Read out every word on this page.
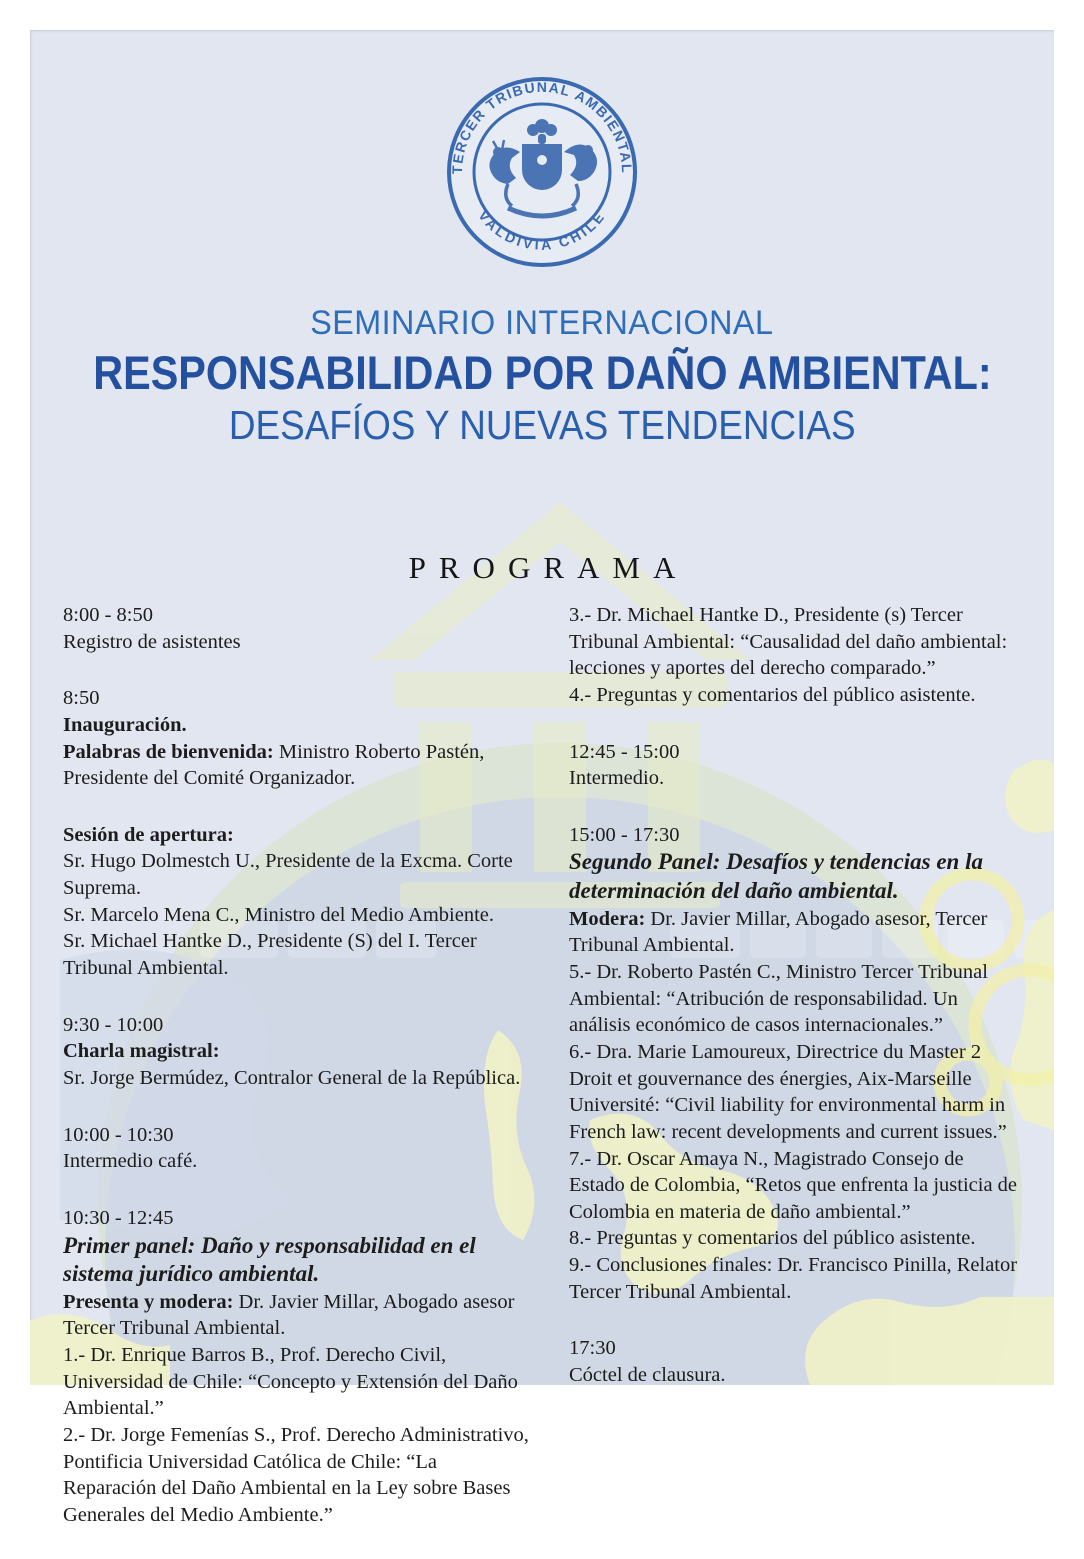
TERCER TRIBUNAL AMBIENTAL
VALDIVIA CHILE
SEMINARIO INTERNACIONAL
RESPONSABILIDAD POR DAÑO AMBIENTAL:
DESAFÍOS Y NUEVAS TENDENCIAS
PROGRAMA

8:00 - 8:50
Registro de asistentes

8:50
Inauguración.
Palabras de bienvenida: Ministro Roberto Pastén, Presidente del Comité Organizador.

Sesión de apertura:
Sr. Hugo Dolmestch U., Presidente de la Excma. Corte Suprema.
Sr. Marcelo Mena C., Ministro del Medio Ambiente.
Sr. Michael Hantke D., Presidente (S) del I. Tercer Tribunal Ambiental.

9:30 - 10:00
Charla magistral:
Sr. Jorge Bermúdez, Contralor General de la República.

10:00 - 10:30
Intermedio café.

10:30 - 12:45
Primer panel: Daño y responsabilidad en el sistema jurídico ambiental.
Presenta y modera: Dr. Javier Millar, Abogado asesor Tercer Tribunal Ambiental.
1.- Dr. Enrique Barros B., Prof. Derecho Civil, Universidad de Chile: “Concepto y Extensión del Daño Ambiental.”
2.- Dr. Jorge Femenías S., Prof. Derecho Administrativo, Pontificia Universidad Católica de Chile: “La Reparación del Daño Ambiental en la Ley sobre Bases Generales del Medio Ambiente.”

3.- Dr. Michael Hantke D., Presidente (s) Tercer Tribunal Ambiental: “Causalidad del daño ambiental: lecciones y aportes del derecho comparado.”
4.- Preguntas y comentarios del público asistente.

12:45 - 15:00
Intermedio.

15:00 - 17:30
Segundo Panel: Desafíos y tendencias en la determinación del daño ambiental.
Modera: Dr. Javier Millar, Abogado asesor, Tercer Tribunal Ambiental.
5.- Dr. Roberto Pastén C., Ministro Tercer Tribunal Ambiental: “Atribución de responsabilidad. Un análisis económico de casos internacionales.”
6.- Dra. Marie Lamoureux, Directrice du Master 2 Droit et gouvernance des énergies, Aix-Marseille Université: “Civil liability for environmental harm in French law: recent developments and current issues.”
7.- Dr. Oscar Amaya N., Magistrado Consejo de Estado de Colombia, “Retos que enfrenta la justicia de Colombia en materia de daño ambiental.”
8.- Preguntas y comentarios del público asistente.
9.- Conclusiones finales: Dr. Francisco Pinilla, Relator Tercer Tribunal Ambiental.

17:30
Cóctel de clausura.
